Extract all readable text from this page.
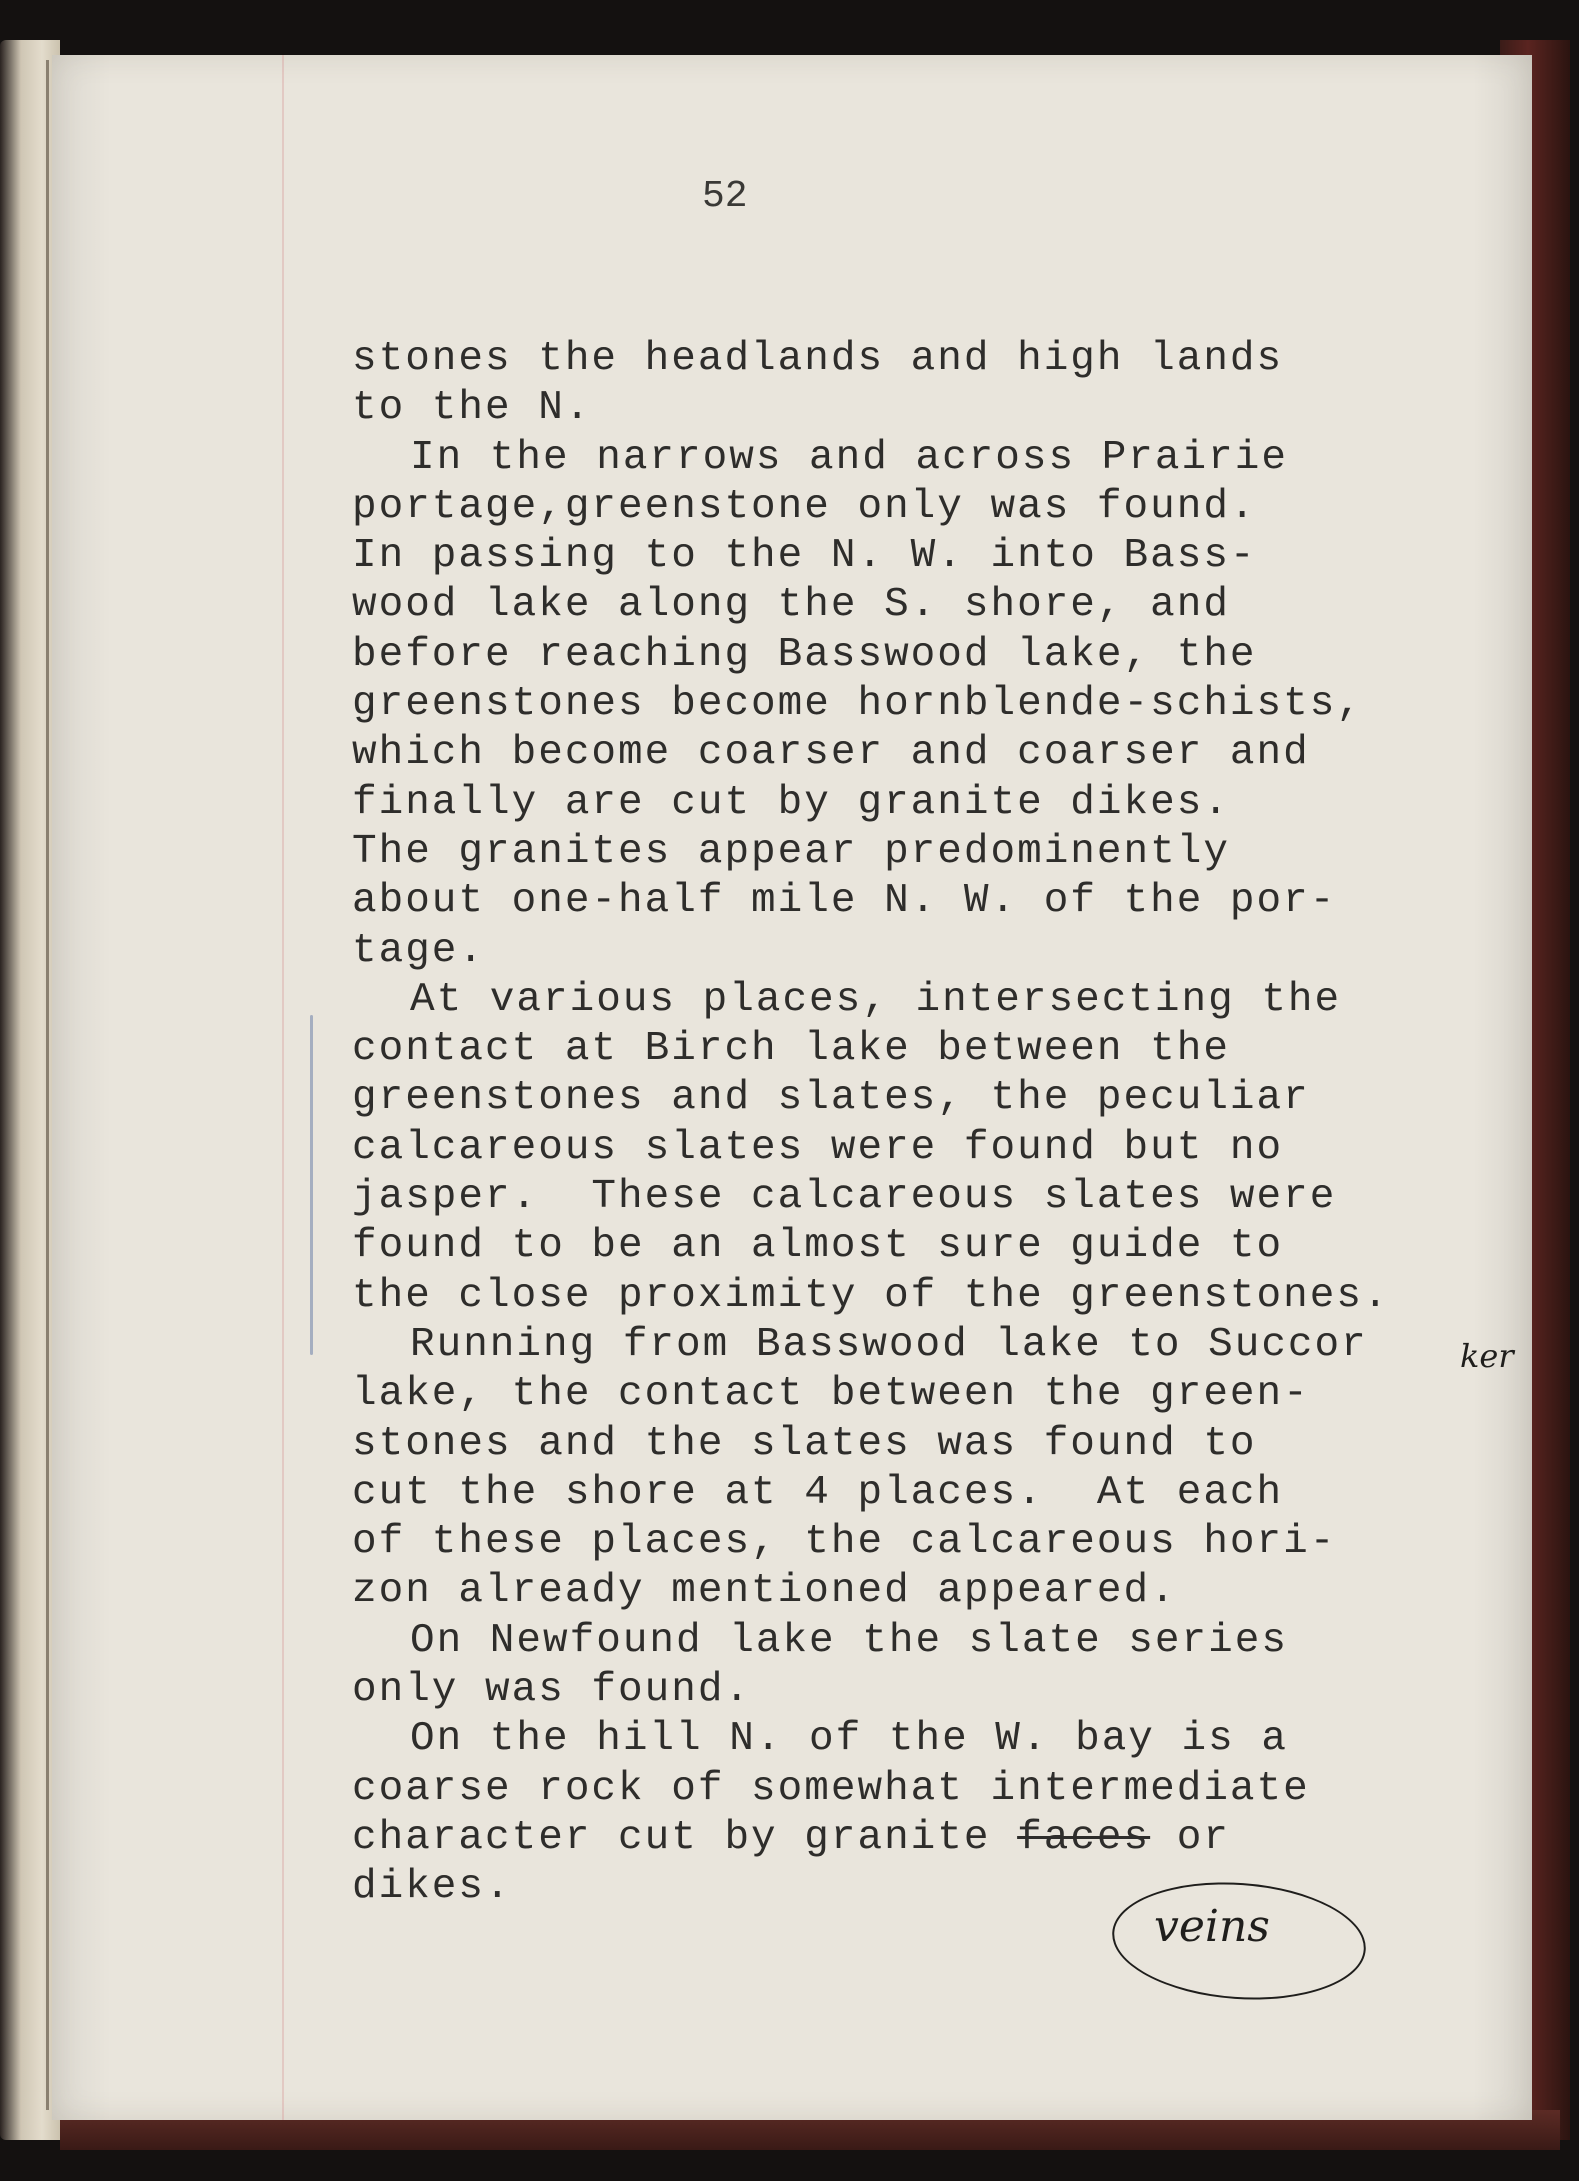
52
stones the headlands and high lands
to the N.
In the narrows and across Prairie
portage,greenstone only was found.
In passing to the N. W. into Bass-
wood lake along the S. shore, and
before reaching Basswood lake, the
greenstones become hornblende-schists,
which become coarser and coarser and
finally are cut by granite dikes.
The granites appear predominently
about one-half mile N. W. of the por-
tage.
At various places, intersecting the
contact at Birch lake between the
greenstones and slates, the peculiar
calcareous slates were found but no
jasper.  These calcareous slates were
found to be an almost sure guide to
the close proximity of the greenstones.
Running from Basswood lake to Succor
lake, the contact between the green-
stones and the slates was found to
cut the shore at 4 places.  At each
of these places, the calcareous hori-
zon already mentioned appeared.
On Newfound lake the slate series
only was found.
On the hill N. of the W. bay is a
coarse rock of somewhat intermediate
character cut by granite faces or
dikes.
ker
veins
